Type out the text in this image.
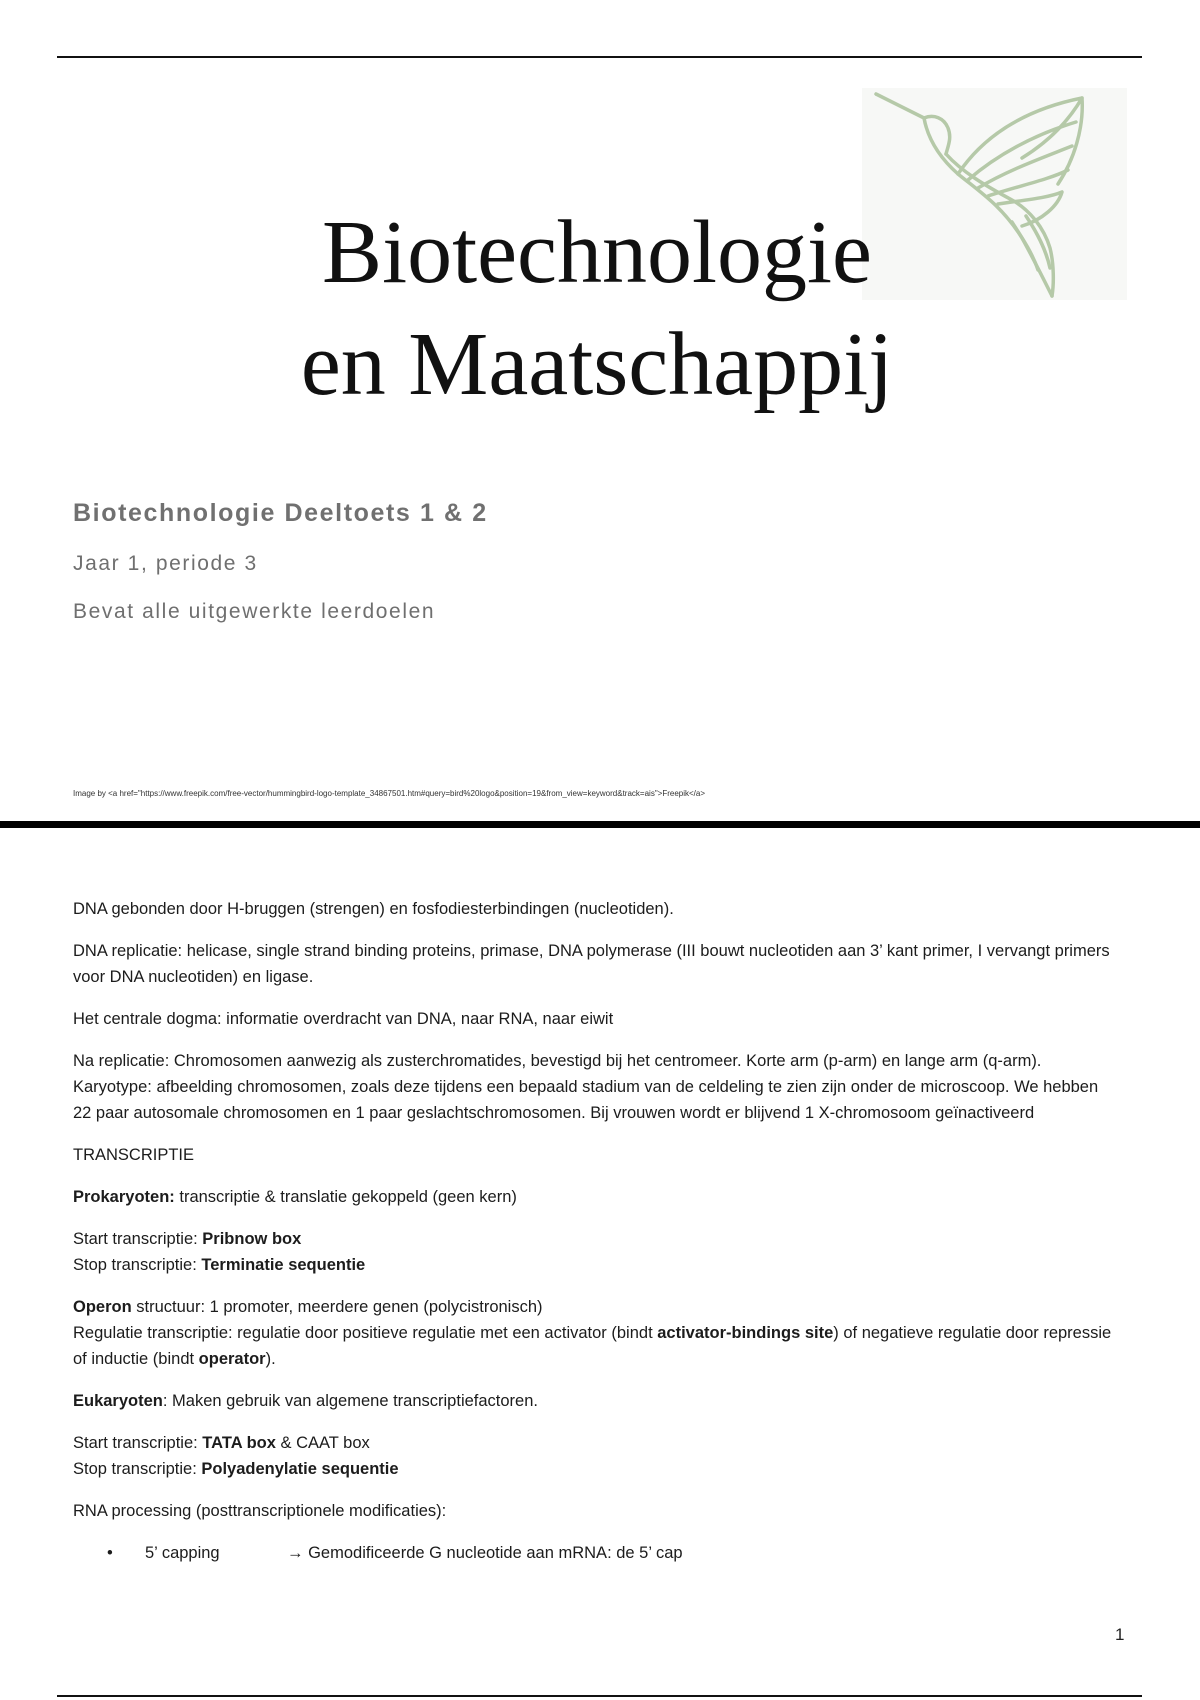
Biotechnologie
en Maatschappij
Biotechnologie Deeltoets 1 & 2
Jaar 1, periode 3
Bevat alle uitgewerkte leerdoelen
Image by <a href="https://www.freepik.com/free-vector/hummingbird-logo-template_34867501.htm#query=bird%20logo&position=19&from_view=keyword&track=ais">Freepik</a>

DNA gebonden door H-bruggen (strengen) en fosfodiesterbindingen (nucleotiden).

DNA replicatie: helicase, single strand binding proteins, primase, DNA polymerase (III bouwt nucleotiden aan 3’ kant primer, I vervangt primers voor DNA nucleotiden) en ligase.

Het centrale dogma: informatie overdracht van DNA, naar RNA, naar eiwit

Na replicatie: Chromosomen aanwezig als zusterchromatides, bevestigd bij het centromeer. Korte arm (p-arm) en lange arm (q-arm). Karyotype: afbeelding chromosomen, zoals deze tijdens een bepaald stadium van de celdeling te zien zijn onder de microscoop. We hebben 22 paar autosomale chromosomen en 1 paar geslachtschromosomen. Bij vrouwen wordt er blijvend 1 X-chromosoom geïnactiveerd

TRANSCRIPTIE

Prokaryoten: transcriptie & translatie gekoppeld (geen kern)

Start transcriptie: Pribnow box
Stop transcriptie: Terminatie sequentie

Operon structuur: 1 promoter, meerdere genen (polycistronisch)
Regulatie transcriptie: regulatie door positieve regulatie met een activator (bindt activator-bindings site) of negatieve regulatie door repressie of inductie (bindt operator).

Eukaryoten: Maken gebruik van algemene transcriptiefactoren.

Start transcriptie: TATA box & CAAT box
Stop transcriptie: Polyadenylatie sequentie

RNA processing (posttranscriptionele modificaties):

• 5’ capping	→ Gemodificeerde G nucleotide aan mRNA: de 5’ cap

1
